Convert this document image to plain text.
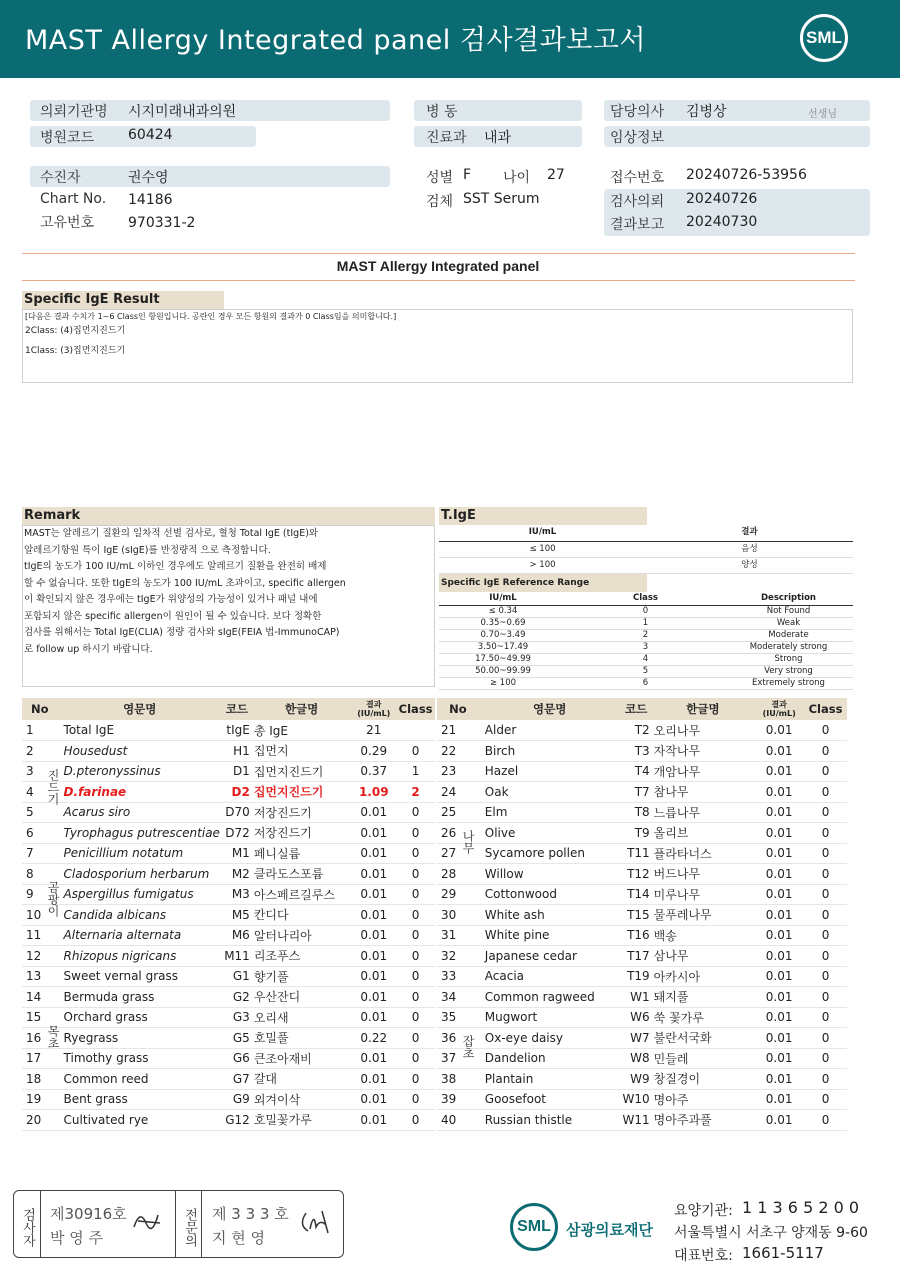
MAST Allergy Integrated panel 검사결과보고서	SML
의뢰기관명 시지미래내과의원
병원코드 60424
병 동
진료과 내과
담당의사 김병상	선생님
임상정보
수진자	권수영
Chart No. 14186
고유번호 970331-2
성별 F 나이 27
검체 SST Serum
접수번호 20240726-53956
검사의뢰 20240726
결과보고 20240730
MAST Allergy Integrated panel
Specific IgE Result
[다음은 결과 수치가 1~6 Class인 항원입니다. 공란인 경우 모든 항원의 결과가 0 Class임을 의미합니다.]
2Class: (4)집먼지진드기
1Class: (3)집먼지진드기
Remark
MAST는 알레르기 질환의 일차적 선별 검사로, 혈청 Total IgE (tIgE)와
알레르기항원 특이 IgE (sIgE)를 반정량적 으로 측정합니다.
tIgE의 농도가 100 IU/mL 이하인 경우에도 알레르기 질환을 완전히 배제
할 수 없습니다. 또한 tIgE의 농도가 100 IU/mL 초과이고, specific allergen
이 확인되지 않은 경우에는 tIgE가 위양성의 가능성이 있거나 패널 내에
포함되지 않은 specific allergen이 원인이 될 수 있습니다. 보다 정확한
검사를 위해서는 Total IgE(CLIA) 정량 검사와 sIgE(FEIA 법-ImmunoCAP)
로 follow up 하시기 바랍니다.
T.IgE
IU/mL	결과
≤ 100	음성
> 100	양성
Specific IgE Reference Range
IU/mL	Class	Description
≤ 0.34	0	Not Found
0.35~0.69	1	Weak
0.70~3.49	2	Moderate
3.50~17.49	3	Moderately strong
17.50~49.99	4	Strong
50.00~99.99	5	Very strong
≥ 100	6	Extremely strong
No	영문명	코드	한글명	결과
(IU/mL)	Class
1	Total IgE	tIgE	총 IgE	21	
2	Housedust	H1	집먼지	0.29	0
3	D.pteronyssinus	D1	집먼지진드기	0.37	1
4	D.farinae	D2	집먼지진드기	1.09	2
5	Acarus siro	D70	저장진드기	0.01	0
6	Tyrophagus putrescentiae	D72	저장진드기	0.01	0
7	Penicillium notatum	M1	페니실륨	0.01	0
8	Cladosporium herbarum	M2	클라도스포륨	0.01	0
9	Aspergillus fumigatus	M3	아스페르길루스	0.01	0
10	Candida albicans	M5	칸디다	0.01	0
11	Alternaria alternata	M6	알터나리아	0.01	0
12	Rhizopus nigricans	M11	리조푸스	0.01	0
13	Sweet vernal grass	G1	향기풀	0.01	0
14	Bermuda grass	G2	우산잔디	0.01	0
15	Orchard grass	G3	오리새	0.01	0
16	Ryegrass	G5	호밀풀	0.22	0
17	Timothy grass	G6	큰조아재비	0.01	0
18	Common reed	G7	갈대	0.01	0
19	Bent grass	G9	외겨이삭	0.01	0
20	Cultivated rye	G12	호밀꽃가루	0.01	0
No	영문명	코드	한글명	결과
(IU/mL)	Class
21	Alder	T2	오리나무	0.01	0
22	Birch	T3	자작나무	0.01	0
23	Hazel	T4	개암나무	0.01	0
24	Oak	T7	참나무	0.01	0
25	Elm	T8	느릅나무	0.01	0
26	Olive	T9	올리브	0.01	0
27	Sycamore pollen	T11	플라타너스	0.01	0
28	Willow	T12	버드나무	0.01	0
29	Cottonwood	T14	미루나무	0.01	0
30	White ash	T15	물푸레나무	0.01	0
31	White pine	T16	백송	0.01	0
32	Japanese cedar	T17	삼나무	0.01	0
33	Acacia	T19	아카시아	0.01	0
34	Common ragweed	W1	돼지풀	0.01	0
35	Mugwort	W6	쑥 꽃가루	0.01	0
36	Ox-eye daisy	W7	불란서국화	0.01	0
37	Dandelion	W8	민들레	0.01	0
38	Plantain	W9	창질경이	0.01	0
39	Goosefoot	W10	명아주	0.01	0
40	Russian thistle	W11	명아주과풀	0.01	0
검사자 제30916호
박 영 주	전문의 제 3 3 3 호
지 현 영
SML	삼광의료재단
요양기관: 1 1 3 6 5 2 0 0
서울특별시 서초구 양재동 9-60
대표번호: 1661-5117
진드기
곰팡이
목초
나무
잡초
